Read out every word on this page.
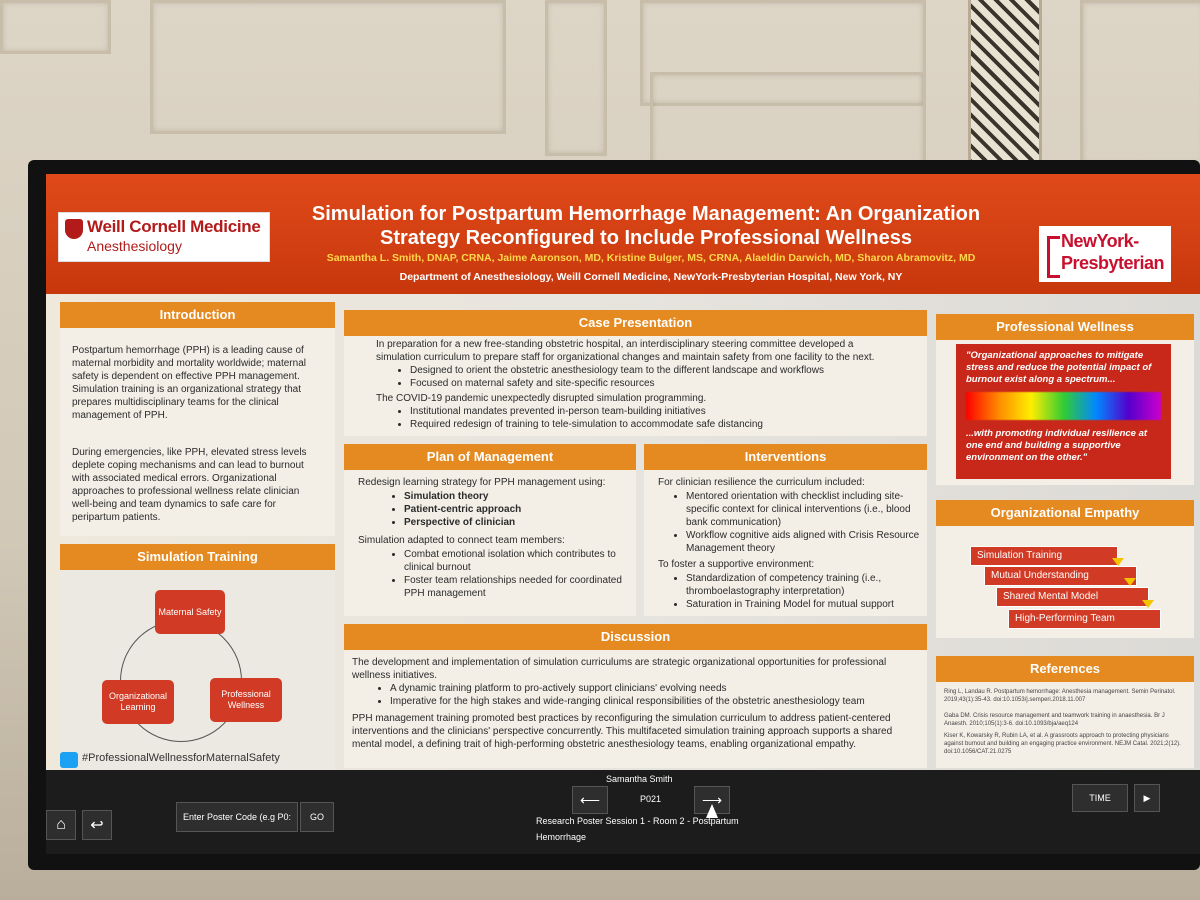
Weill Cornell Medicine
Anesthesiology
Simulation for Postpartum Hemorrhage Management: An Organization
Strategy Reconfigured to Include Professional Wellness
Samantha L. Smith, DNAP, CRNA, Jaime Aaronson, MD, Kristine Bulger, MS, CRNA, Alaeldin Darwich, MD, Sharon Abramovitz, MD
Department of Anesthesiology, Weill Cornell Medicine, NewYork-Presbyterian Hospital, New York, NY
NewYork-
Presbyterian
Introduction
Postpartum hemorrhage (PPH) is a leading cause of maternal morbidity and mortality worldwide; maternal safety is dependent on effective PPH management. Simulation training is an organizational strategy that prepares multidisciplinary teams for the clinical management of PPH.
During emergencies, like PPH, elevated stress levels deplete coping mechanisms and can lead to burnout with associated medical errors. Organizational approaches to professional wellness relate clinician well-being and team dynamics to safe care for peripartum patients.
Simulation Training
Maternal Safety
Professional Wellness
Organizational Learning
#ProfessionalWellnessforMaternalSafety
Case Presentation
In preparation for a new free-standing obstetric hospital, an interdisciplinary steering committee developed a
simulation curriculum to prepare staff for organizational changes and maintain safety from one facility to the next.
• Designed to orient the obstetric anesthesiology team to the different landscape and workflows
• Focused on maternal safety and site-specific resources
The COVID-19 pandemic unexpectedly disrupted simulation programming.
• Institutional mandates prevented in-person team-building initiatives
• Required redesign of training to tele-simulation to accommodate safe distancing
Plan of Management
Redesign learning strategy for PPH management using:
• Simulation theory
• Patient-centric approach
• Perspective of clinician
Simulation adapted to connect team members:
• Combat emotional isolation which contributes to clinical burnout
• Foster team relationships needed for coordinated PPH management
Interventions
For clinician resilience the curriculum included:
• Mentored orientation with checklist including site-specific context for clinical interventions (i.e., blood bank communication)
• Workflow cognitive aids aligned with Crisis Resource Management theory
To foster a supportive environment:
• Standardization of competency training (i.e., thromboelastography interpretation)
• Saturation in Training Model for mutual support
Discussion
The development and implementation of simulation curriculums are strategic organizational opportunities for professional wellness initiatives.
• A dynamic training platform to pro-actively support clinicians' evolving needs
• Imperative for the high stakes and wide-ranging clinical responsibilities of the obstetric anesthesiology team
PPH management training promoted best practices by reconfiguring the simulation curriculum to address patient-centered interventions and the clinicians' perspective concurrently. This multifaceted simulation training approach supports a shared mental model, a defining trait of high-performing obstetric anesthesiology teams, enabling organizational empathy.
Professional Wellness
"Organizational approaches to mitigate stress and reduce the potential impact of burnout exist along a spectrum...
...with promoting individual resilience at one end and building a supportive environment on the other."
Organizational Empathy
Simulation Training
Mutual Understanding
Shared Mental Model
High-Performing Team
References
Ring L, Landau R. Postpartum hemorrhage: Anesthesia management. Semin Perinatol. 2019;43(1):35-43. doi:10.1053/j.semperi.2018.11.007
Gaba DM. Crisis resource management and teamwork training in anaesthesia. Br J Anaesth. 2010;105(1):3-6. doi:10.1093/bja/aeq124
Kiser K, Kowarsky R, Rubin LA, et al. A grassroots approach to protecting physicians against burnout and building an engaging practice environment. NEJM Catal. 2021;2(12). doi:10.1056/CAT.21.0275
Samantha Smith
⌂	↩	Enter Poster Code (e.g P0:	GO
⟵	P021	⟶
Research Poster Session 1 - Room 2 - Postpartum
Hemorrhage
TIME	▶
